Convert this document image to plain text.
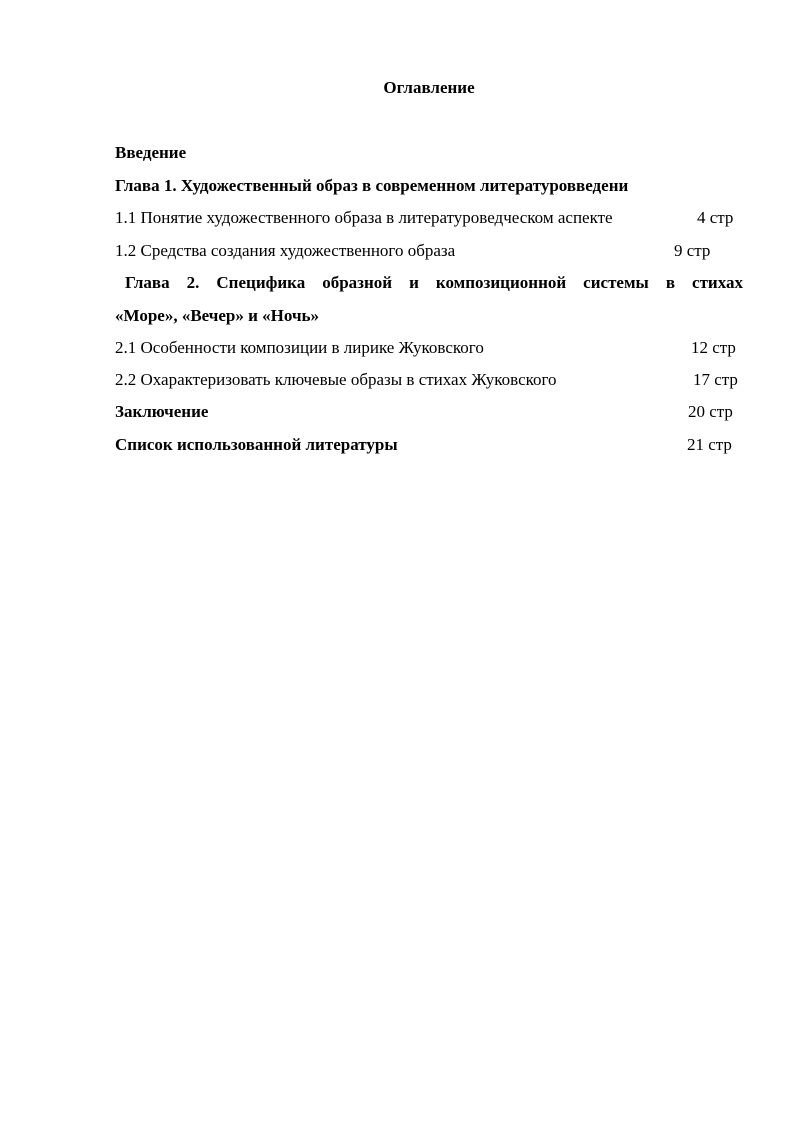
Оглавление
Введение
Глава 1. Художественный образ в современном литературовведени
1.1 Понятие художественного образа в литературоведческом аспекте	4 стр
1.2 Средства создания художественного образа	9 стр
Глава 2. Специфика образной и композиционной системы в стихах
«Море», «Вечер» и «Ночь»
2.1 Особенности композиции в лирике Жуковского	12 стр
2.2 Охарактеризовать ключевые образы в стихах Жуковского	17 стр
Заключение	20 стр
Список использованной литературы	21 стр
